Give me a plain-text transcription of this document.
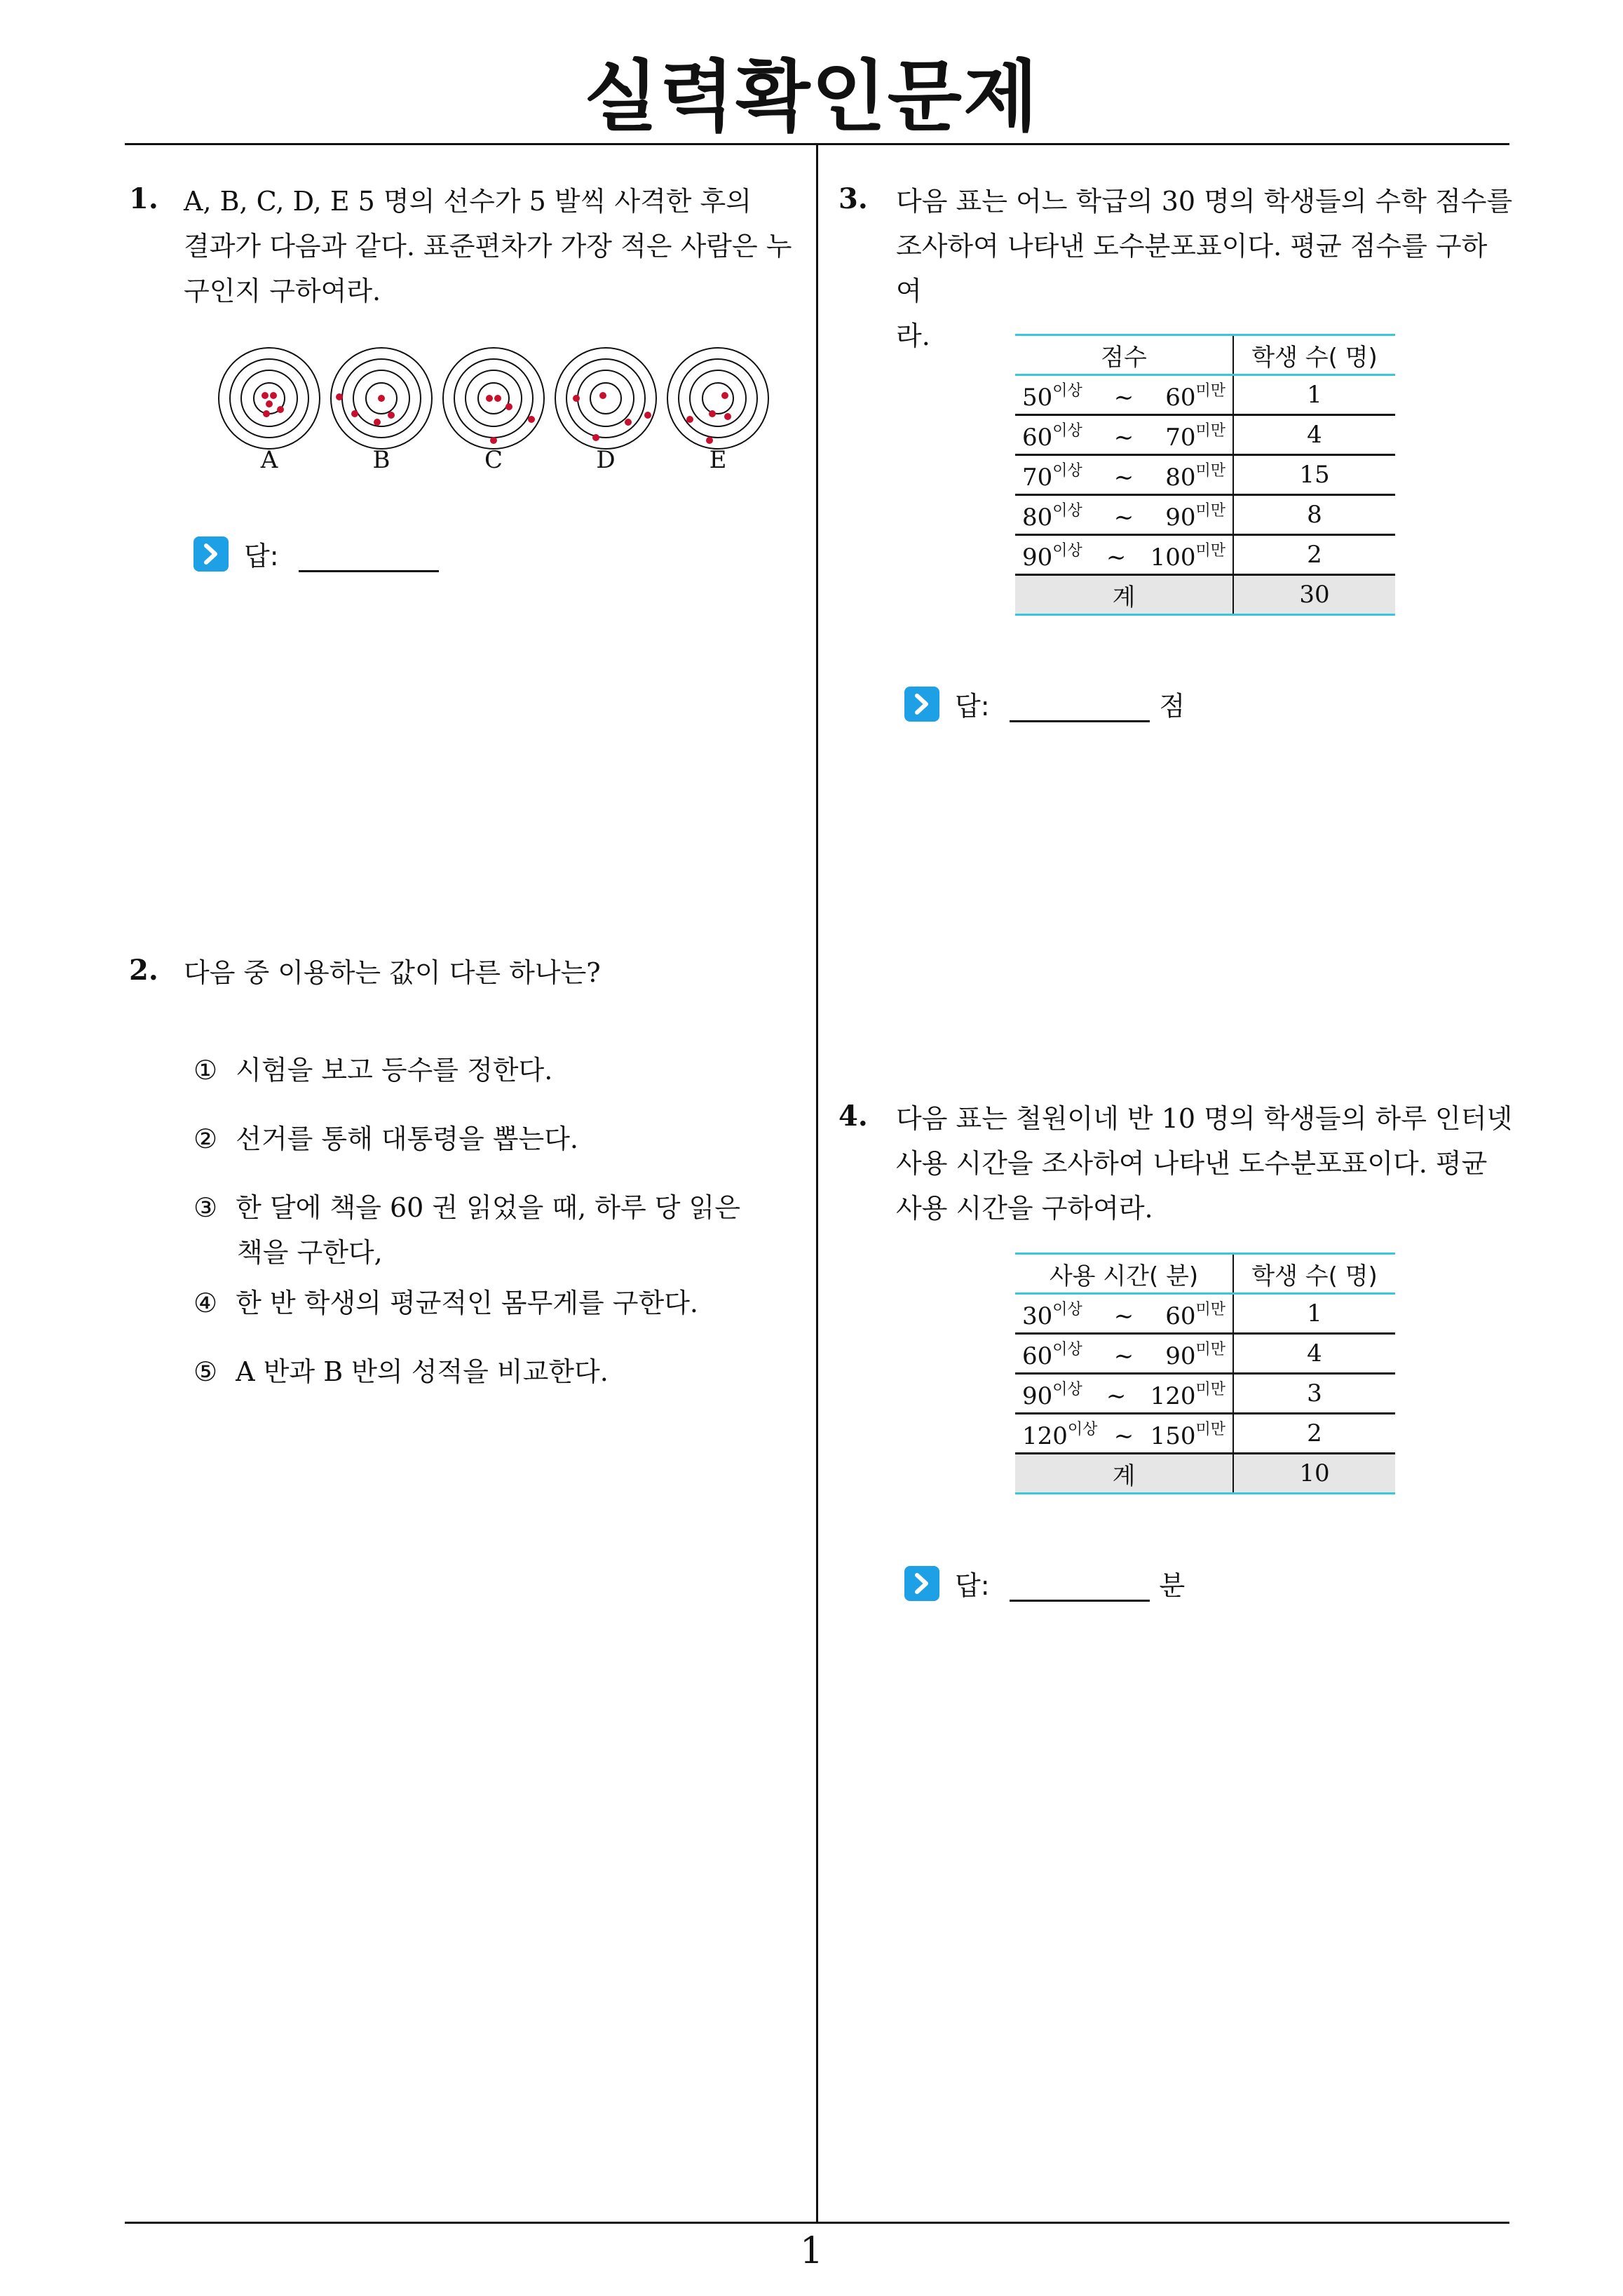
실력확인문제
1
1. A, B, C, D, E 5 명의 선수가 5 발씩 사격한 후의
결과가 다음과 같다. 표준편차가 가장 적은 사람은 누
구인지 구하여라.
A	B	C	D	E
답:
2. 다음 중 이용하는 값이 다른 하나는?
① 시험을 보고 등수를 정한다.
② 선거를 통해 대통령을 뽑는다.
③ 한 달에 책을 60 권 읽었을 때, 하루 당 읽은
책을 구한다,
④ 한 반 학생의 평균적인 몸무게를 구한다.
⑤ A 반과 B 반의 성적을 비교한다.
3. 다음 표는 어느 학급의 30 명의 학생들의 수학 점수를
조사하여 나타낸 도수분포표이다. 평균 점수를 구하여
라.
점수	학생 수( 명)

$50^{이상}$ ∼ $60^{미만}$	1

$60^{이상}$ ∼ $70^{미만}$	4

$70^{이상}$ ∼ $80^{미만}$	15

$80^{이상}$ ∼ $90^{미만}$	8

$90^{이상}$ ∼ $100^{미만}$	2
계	30
답:	점
4. 다음 표는 철원이네 반 10 명의 학생들의 하루 인터넷
사용 시간을 조사하여 나타낸 도수분포표이다. 평균
사용 시간을 구하여라.
사용 시간( 분)	학생 수( 명)

$30^{이상}$ ∼ $60^{미만}$	1

$60^{이상}$ ∼ $90^{미만}$	4

$90^{이상}$ ∼ $120^{미만}$	3

$120^{이상}$ ∼ $150^{미만}$	2
계	10
답:	분
